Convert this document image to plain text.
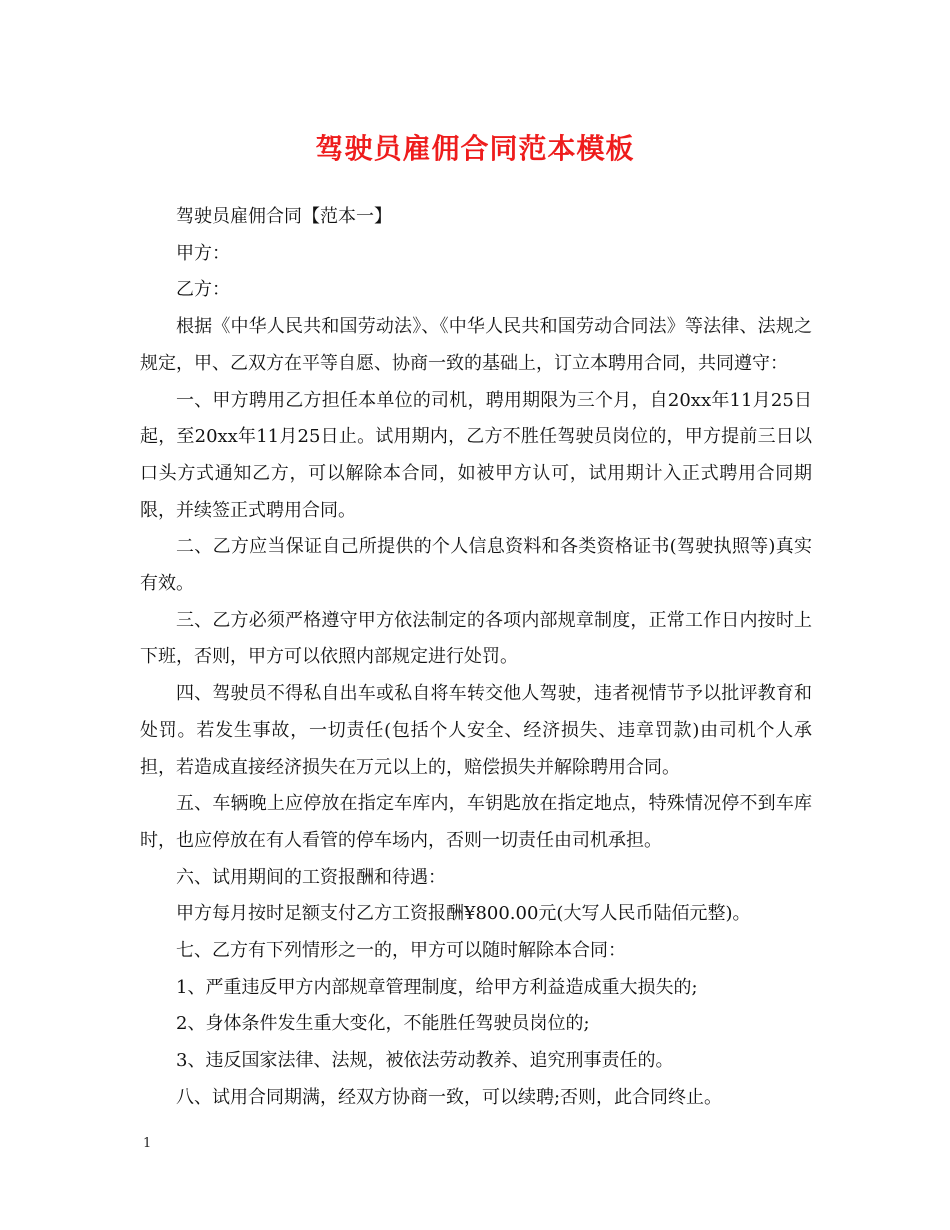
驾驶员雇佣合同范本模板

驾驶员雇佣合同【范本一】

甲方：

乙方：

根据《中华人民共和国劳动法》、《中华人民共和国劳动合同法》等法律、法规之规定，甲、乙双方在平等自愿、协商一致的基础上，订立本聘用合同，共同遵守：

一、甲方聘用乙方担任本单位的司机，聘用期限为三个月，自20xx年11月25日起，至20xx年11月25日止。试用期内，乙方不胜任驾驶员岗位的，甲方提前三日以口头方式通知乙方，可以解除本合同，如被甲方认可，试用期计入正式聘用合同期限，并续签正式聘用合同。

二、乙方应当保证自己所提供的个人信息资料和各类资格证书(驾驶执照等)真实有效。

三、乙方必须严格遵守甲方依法制定的各项内部规章制度，正常工作日内按时上下班，否则，甲方可以依照内部规定进行处罚。

四、驾驶员不得私自出车或私自将车转交他人驾驶，违者视情节予以批评教育和处罚。若发生事故，一切责任(包括个人安全、经济损失、违章罚款)由司机个人承担，若造成直接经济损失在万元以上的，赔偿损失并解除聘用合同。

五、车辆晚上应停放在指定车库内，车钥匙放在指定地点，特殊情况停不到车库时，也应停放在有人看管的停车场内，否则一切责任由司机承担。

六、试用期间的工资报酬和待遇：

甲方每月按时足额支付乙方工资报酬¥800.00元(大写人民币陆佰元整)。

七、乙方有下列情形之一的，甲方可以随时解除本合同：

1、严重违反甲方内部规章管理制度，给甲方利益造成重大损失的;

2、身体条件发生重大变化，不能胜任驾驶员岗位的;

3、违反国家法律、法规，被依法劳动教养、追究刑事责任的。

八、试用合同期满，经双方协商一致，可以续聘;否则，此合同终止。

1
